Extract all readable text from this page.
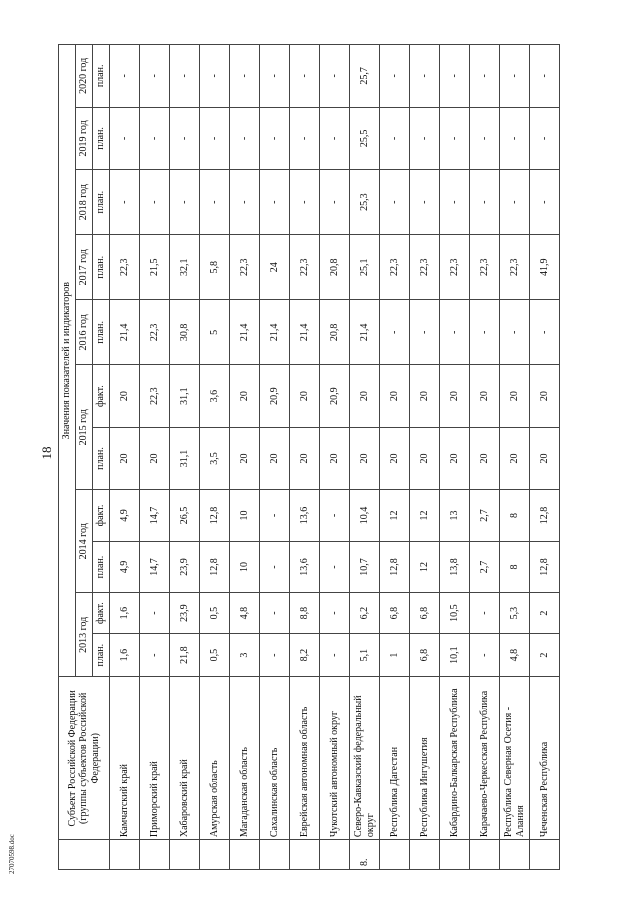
18
27070598.doc
	Субъект Российской Федерации (группы субъектов Российской Федерации)	Значения показателей и индикаторов										
		2013 год		2014 год		2015 год		2016 год	2017 год	2018 год	2019 год	2020 год
		план.	факт.	план.	факт.	план.	факт.	план.	план.	план.	план.	план.
	Камчатский край	1,6	1,6	4,9	4,9	20	20	21,4	22,3	-	-	-
	Приморский край	-	-	14,7	14,7	20	22,3	22,3	21,5	-	-	-
	Хабаровский край	21,8	23,9	23,9	26,5	31,1	31,1	30,8	32,1	-	-	-
	Амурская область	0,5	0,5	12,8	12,8	3,5	3,6	5	5,8	-	-	-
	Магаданская область	3	4,8	10	10	20	20	21,4	22,3	-	-	-
	Сахалинская область	-	-	-	-	20	20,9	21,4	24	-	-	-
	Еврейская автономная область	8,2	8,8	13,6	13,6	20	20	21,4	22,3	-	-	-
	Чукотский автономный округ	-	-	-	-	20	20,9	20,8	20,8	-	-	-
8.	Северо-Кавказский федеральный округ	5,1	6,2	10,7	10,4	20	20	21,4	25,1	25,3	25,5	25,7
	Республика Дагестан	1	6,8	12,8	12	20	20	-	22,3	-	-	-
	Республика Ингушетия	6,8	6,8	12	12	20	20	-	22,3	-	-	-
	Кабардино-Балкарская Республика	10,1	10,5	13,8	13	20	20	-	22,3	-	-	-
	Карачаево-Черкесская Республика	-	-	2,7	2,7	20	20	-	22,3	-	-	-
	Республика Северная Осетия - Алания	4,8	5,3	8	8	20	20	-	22,3	-	-	-
	Чеченская Республика	2	2	12,8	12,8	20	20	-	41,9	-	-	-
